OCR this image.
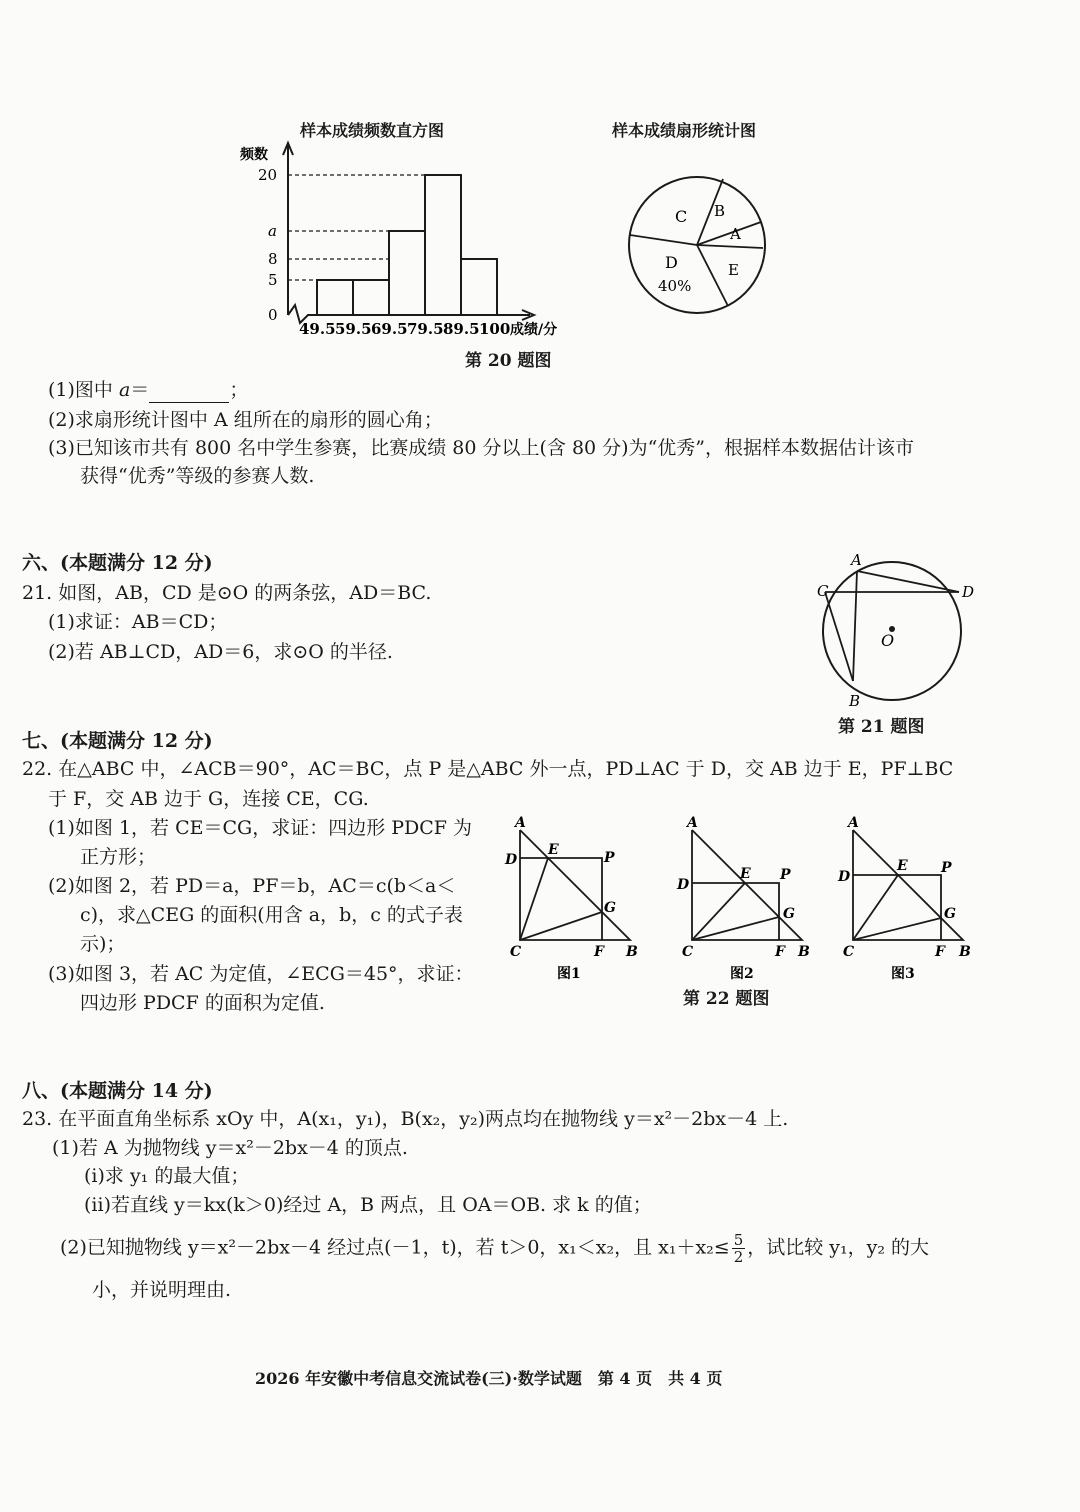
样本成绩频数直方图
频数
0
5
8
a
20
49.5 59.5 69.5 79.5 89.5 100 成绩/分
样本成绩扇形统计图
C B
A
D
40%
E
第 20 题图
(1)图中 a＝	；
(2)求扇形统计图中 A 组所在的扇形的圆心角；
(3)已知该市共有 800 名中学生参赛，比赛成绩 80 分以上(含 80 分)为“优秀”，根据样本数据估计该市
获得“优秀”等级的参赛人数.
六、(本题满分 12 分)
21. 如图，AB，CD 是⊙O 的两条弦，AD＝BC.
(1)求证：AB＝CD；
(2)若 AB⊥CD，AD＝6，求⊙O 的半径.
A
C	D
O
B
第 21 题图
七、(本题满分 12 分)
22. 在△ABC 中，∠ACB＝90°，AC＝BC，点 P 是△ABC 外一点，PD⊥AC 于 D，交 AB 边于 E，PF⊥BC
于 F，交 AB 边于 G，连接 CE，CG.
(1)如图 1，若 CE＝CG，求证：四边形 PDCF 为
正方形；
(2)如图 2，若 PD＝a，PF＝b，AC＝c(b＜a＜
c)，求△CEG 的面积(用含 a，b，c 的式子表
示)；
(3)如图 3，若 AC 为定值，∠ECG＝45°，求证：
四边形 PDCF 的面积为定值.
A
D
E	P
G
C	F B
图1
A
D
E P
G
C	F B
图2
A
D
E P
G
C	F B
图3
第 22 题图
八、(本题满分 14 分)
23. 在平面直角坐标系 xOy 中，A(x₁，y₁)，B(x₂，y₂)两点均在抛物线 y＝x²－2bx－4 上.
(1)若 A 为抛物线 y＝x²－2bx－4 的顶点.
(i)求 y₁ 的最大值；
(ii)若直线 y＝kx(k＞0)经过 A，B 两点，且 OA＝OB. 求 k 的值；
(2)已知抛物线 y＝x²－2bx－4 经过点(－1，t)，若 t＞0，x₁＜x₂，且 $x_1+x_2\le \frac{5}{2}$ ，试比较 y₁，y₂ 的大
小，并说明理由.
2026 年安徽中考信息交流试卷(三)·数学试题　第 4 页　共 4 页
